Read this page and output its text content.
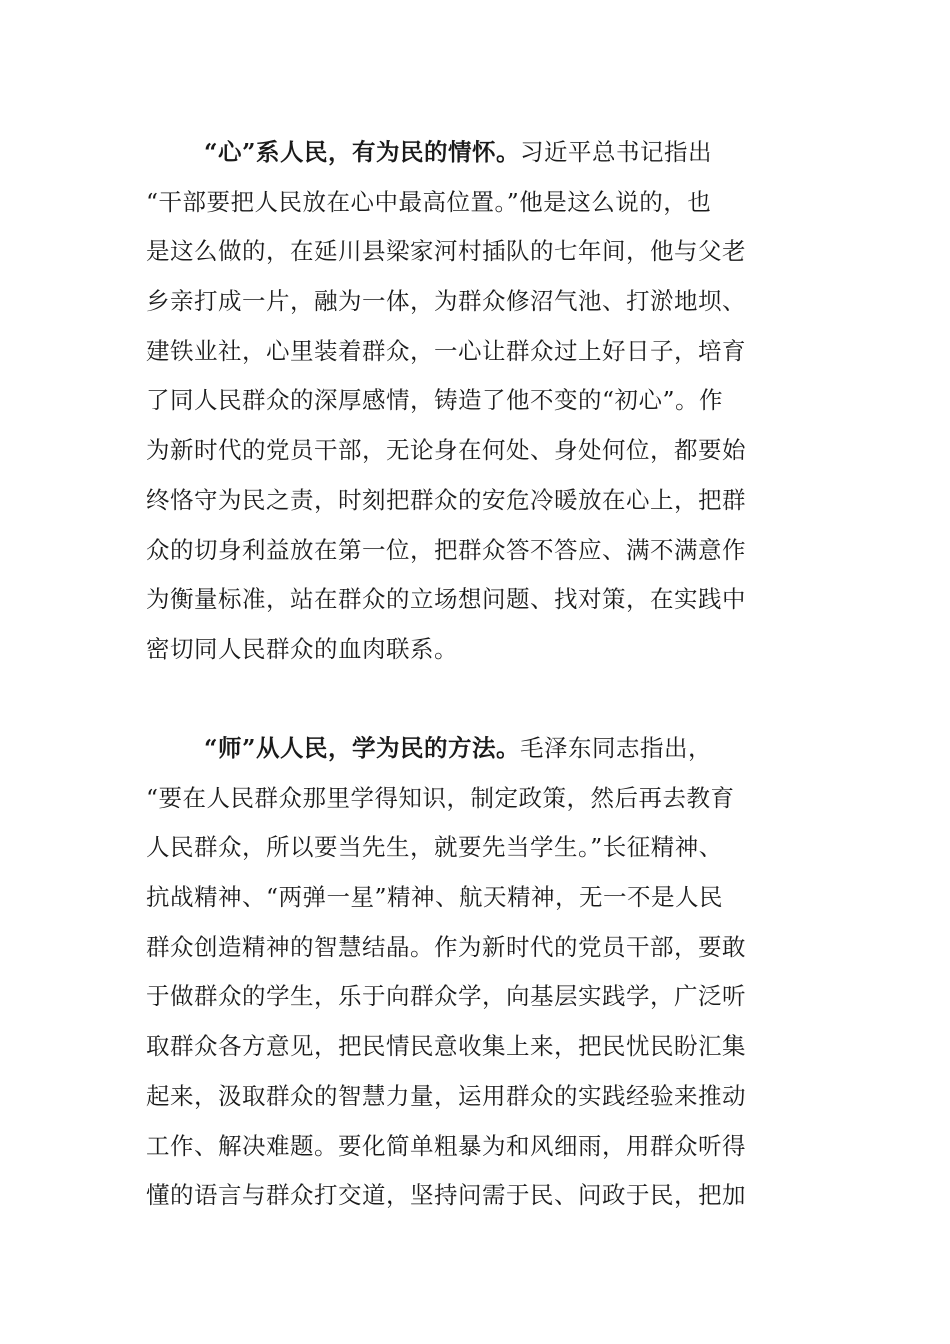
“心”系人民，有为民的情怀。习近平总书记指出
“干部要把人民放在心中最高位置。”他是这么说的，也
是这么做的，在延川县梁家河村插队的七年间，他与父老
乡亲打成一片，融为一体，为群众修沼气池、打淤地坝、
建铁业社，心里装着群众，一心让群众过上好日子，培育
了同人民群众的深厚感情，铸造了他不变的“初心”。作
为新时代的党员干部，无论身在何处、身处何位，都要始
终恪守为民之责，时刻把群众的安危冷暖放在心上，把群
众的切身利益放在第一位，把群众答不答应、满不满意作
为衡量标准，站在群众的立场想问题、找对策，在实践中
密切同人民群众的血肉联系。
“师”从人民，学为民的方法。毛泽东同志指出，
“要在人民群众那里学得知识，制定政策，然后再去教育
人民群众，所以要当先生，就要先当学生。”长征精神、
抗战精神、“两弹一星”精神、航天精神，无一不是人民
群众创造精神的智慧结晶。作为新时代的党员干部，要敢
于做群众的学生，乐于向群众学，向基层实践学，广泛听
取群众各方意见，把民情民意收集上来，把民忧民盼汇集
起来，汲取群众的智慧力量，运用群众的实践经验来推动
工作、解决难题。要化简单粗暴为和风细雨，用群众听得
懂的语言与群众打交道，坚持问需于民、问政于民，把加
